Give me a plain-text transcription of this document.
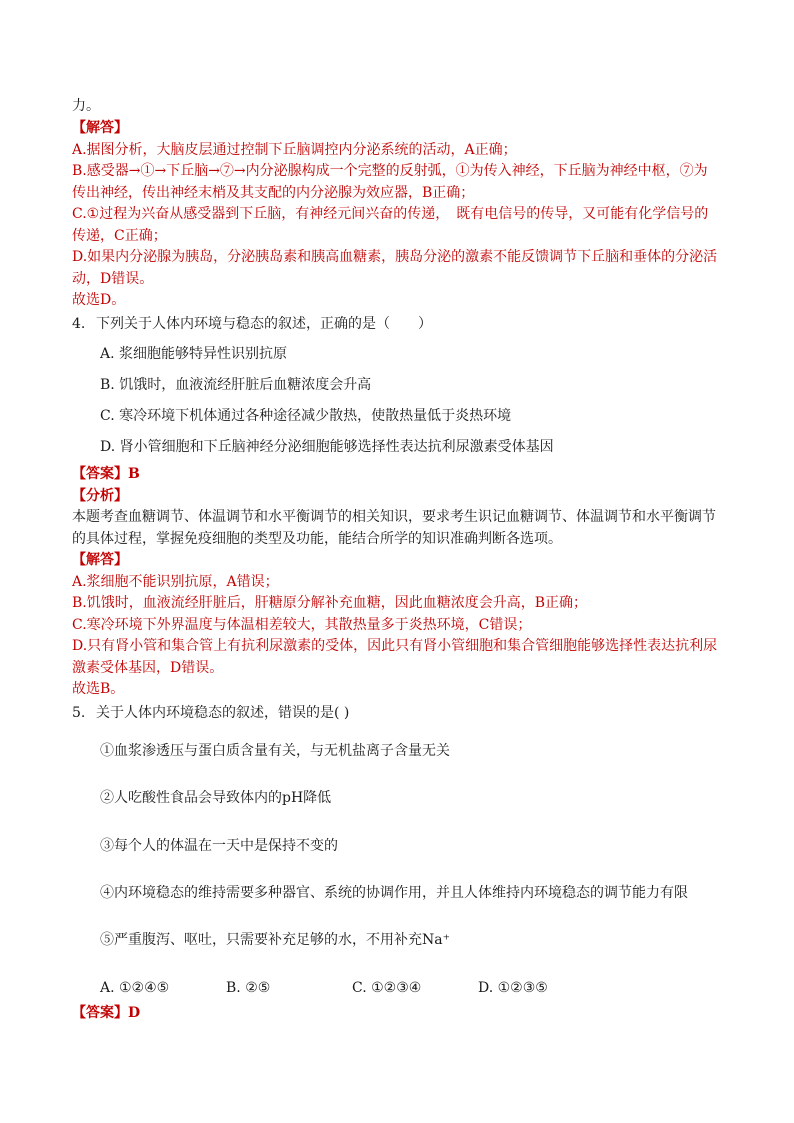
力。
【解答】
A.据图分析，大脑皮层通过控制下丘脑调控内分泌系统的活动，A正确；
B.感受器→①→下丘脑→⑦→内分泌腺构成一个完整的反射弧，①为传入神经，下丘脑为神经中枢，⑦为
传出神经，传出神经末梢及其支配的内分泌腺为效应器，B正确；
C.①过程为兴奋从感受器到下丘脑，有神经元间兴奋的传递，　既有电信号的传导，又可能有化学信号的
传递，C正确；
D.如果内分泌腺为胰岛，分泌胰岛素和胰高血糖素，胰岛分泌的激素不能反馈调节下丘脑和垂体的分泌活
动，D错误。
故选D。
4. 下列关于人体内环境与稳态的叙述，正确的是（　　）
A. 浆细胞能够特异性识别抗原
B. 饥饿时，血液流经肝脏后血糖浓度会升高
C. 寒冷环境下机体通过各种途径减少散热，使散热量低于炎热环境
D. 肾小管细胞和下丘脑神经分泌细胞能够选择性表达抗利尿激素受体基因
【答案】B
【分析】
本题考查血糖调节、体温调节和水平衡调节的相关知识，要求考生识记血糖调节、体温调节和水平衡调节
的具体过程，掌握免疫细胞的类型及功能，能结合所学的知识准确判断各选项。
【解答】
A.浆细胞不能识别抗原，A错误；
B.饥饿时，血液流经肝脏后，肝糖原分解补充血糖，因此血糖浓度会升高，B正确；
C.寒冷环境下外界温度与体温相差较大，其散热量多于炎热环境，C错误；
D.只有肾小管和集合管上有抗利尿激素的受体，因此只有肾小管细胞和集合管细胞能够选择性表达抗利尿
激素受体基因，D错误。
故选B。
5. 关于人体内环境稳态的叙述，错误的是( )
①血浆渗透压与蛋白质含量有关，与无机盐离子含量无关
②人吃酸性食品会导致体内的pH降低
③每个人的体温在一天中是保持不变的
④内环境稳态的维持需要多种器官、系统的协调作用，并且人体维持内环境稳态的调节能力有限
⑤严重腹泻、呕吐，只需要补充足够的水，不用补充Na⁺
A. ①②④⑤	B. ②⑤	C. ①②③④	D. ①②③⑤
【答案】D
